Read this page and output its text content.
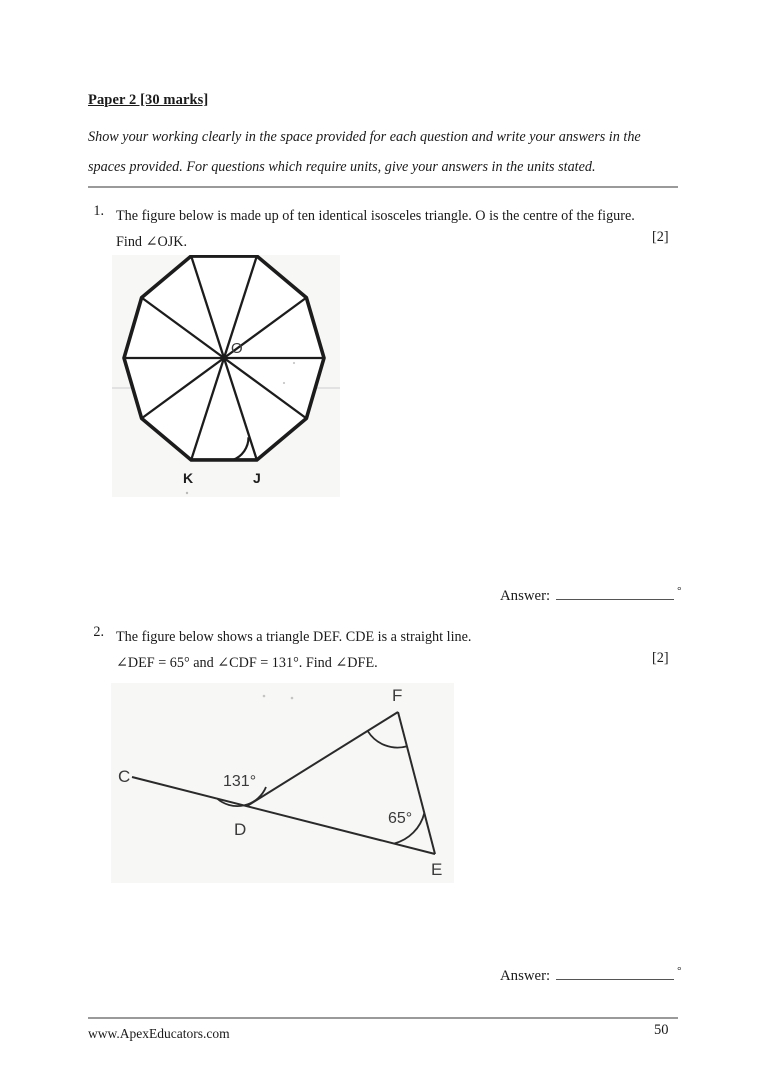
Paper 2 [30 marks]
Show your working clearly in the space provided for each question and write your answers in the spaces provided. For questions which require units, give your answers in the units stated.
1. The figure below is made up of ten identical isosceles triangle. O is the centre of the figure.
Find ∠OJK.	[2]
O
K	J
Answer:	°
2. The figure below shows a triangle DEF. CDE is a straight line.
∠DEF = 65° and ∠CDF = 131°. Find ∠DFE.	[2]
C
D
F
E
131°
65°
Answer:	°
www.ApexEducators.com	50
